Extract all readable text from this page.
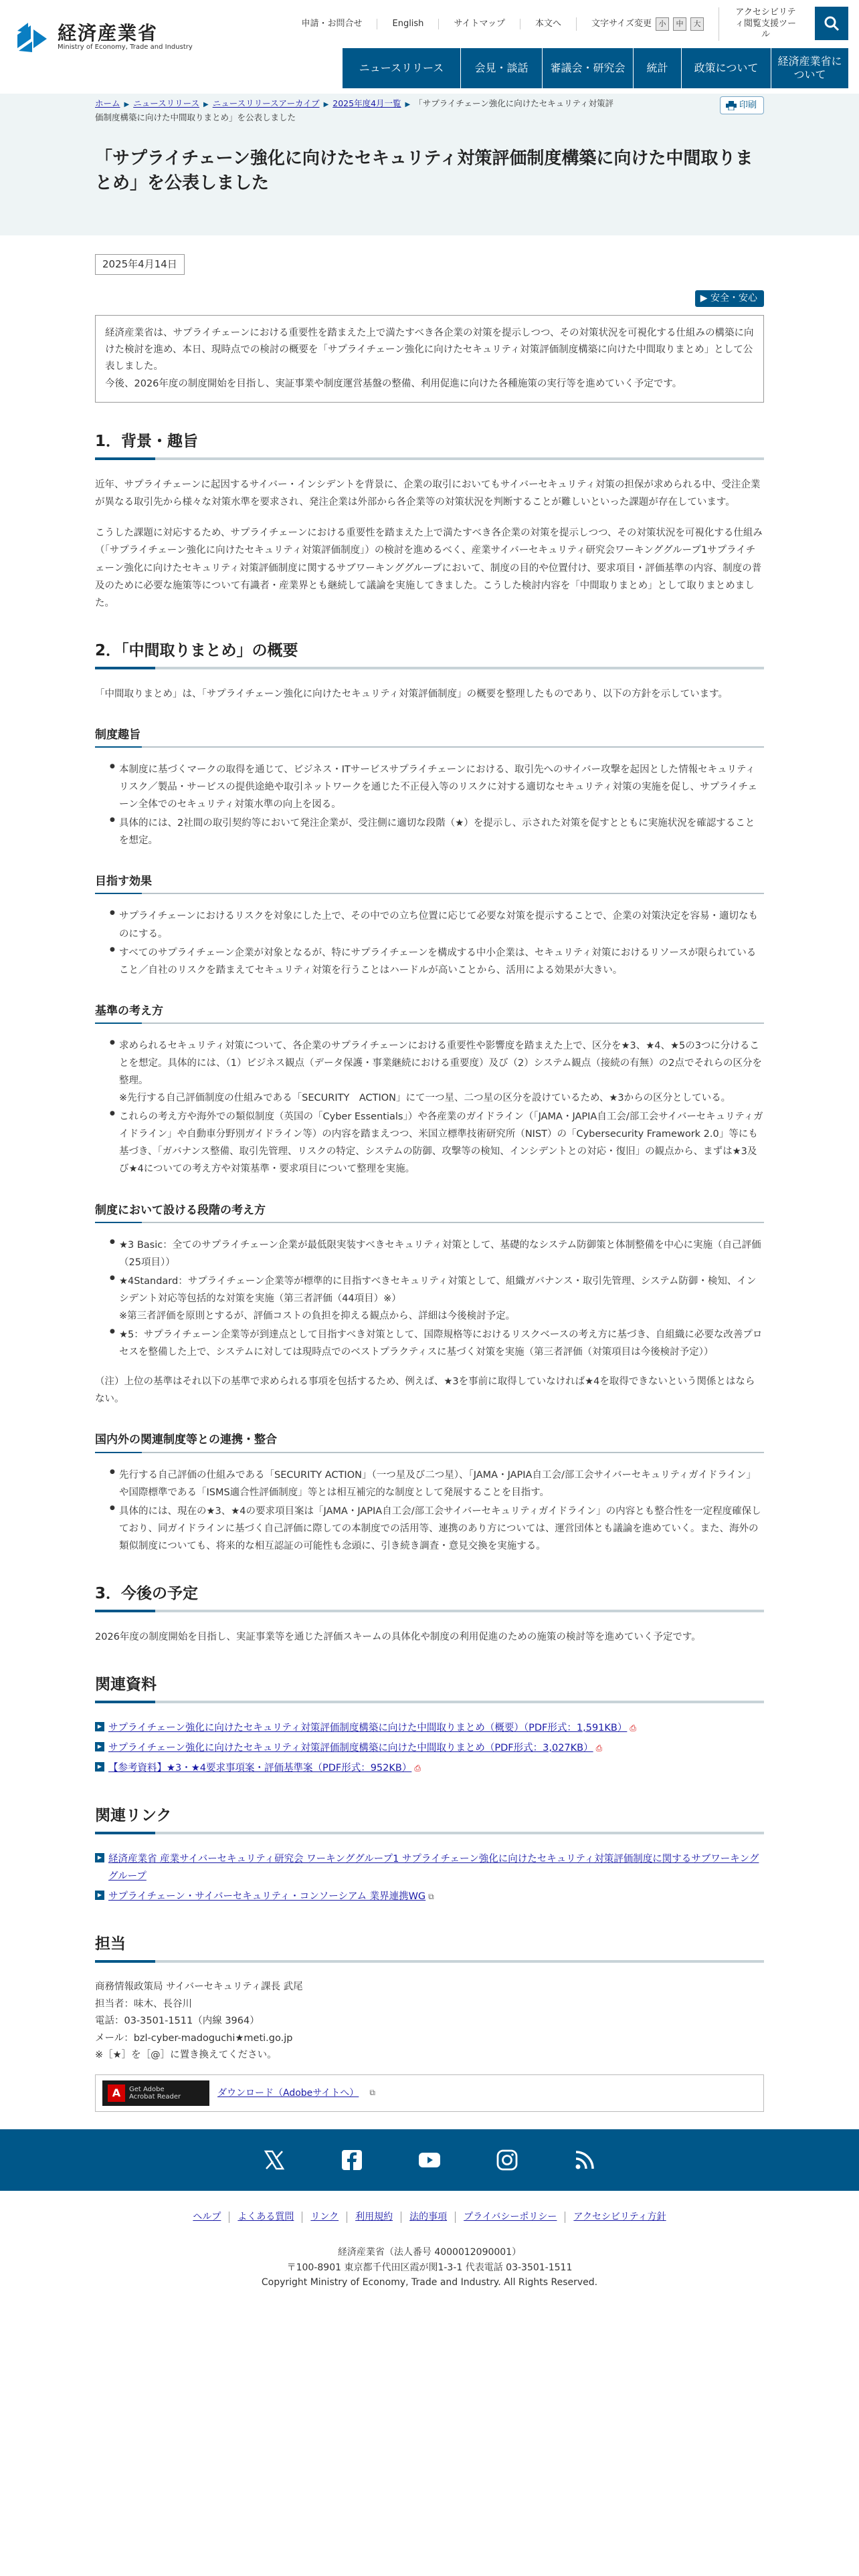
経済産業省
Ministry of Economy, Trade and Industry
申請・お問合せ	English	サイトマップ	本文へ	文字サイズ変更 小	中	大
アクセシビリティ閲覧支援ツール
ニュースリリース	会見・談話	審議会・研究会	統計	政策について
経済産業省について
ホーム ▶ ニュースリリース ▶ ニュースリリースアーカイブ ▶ 2025年度4月一覧 ▶ 「サプライチェーン強化に向けたセキュリティ対策評価制度構築に向けた中間取りまとめ」を公表しました
印刷
「サプライチェーン強化に向けたセキュリティ対策評価制度構築に向けた中間取りまとめ」を公表しました
2025年4月14日
▶ 安全・安心

経済産業省は、サプライチェーンにおける重要性を踏まえた上で満たすべき各企業の対策を提示しつつ、その対策状況を可視化する仕組みの構築に向けた検討を進め、本日、現時点での検討の概要を「サプライチェーン強化に向けたセキュリティ対策評価制度構築に向けた中間取りまとめ」として公表しました。

今後、2026年度の制度開始を目指し、実証事業や制度運営基盤の整備、利用促進に向けた各種施策の実行等を進めていく予定です。

1．背景・趣旨

近年、サプライチェーンに起因するサイバー・インシデントを背景に、企業の取引においてもサイバーセキュリティ対策の担保が求められる中、受注企業が異なる取引先から様々な対策水準を要求され、発注企業は外部から各企業等の対策状況を判断することが難しいといった課題が存在しています。

こうした課題に対応するため、サプライチェーンにおける重要性を踏まえた上で満たすべき各企業の対策を提示しつつ、その対策状況を可視化する仕組み（「サプライチェーン強化に向けたセキュリティ対策評価制度」）の検討を進めるべく、産業サイバーセキュリティ研究会ワーキンググループ1サプライチェーン強化に向けたセキュリティ対策評価制度に関するサブワーキンググループにおいて、制度の目的や位置付け、要求項目・評価基準の内容、制度の普及のために必要な施策等について有識者・産業界とも継続して議論を実施してきました。こうした検討内容を「中間取りまとめ」として取りまとめました。

2．「中間取りまとめ」の概要

「中間取りまとめ」は、「サプライチェーン強化に向けたセキュリティ対策評価制度」の概要を整理したものであり、以下の方針を示しています。

制度趣旨
● 本制度に基づくマークの取得を通じて、ビジネス・ITサービスサプライチェーンにおける、取引先へのサイバー攻撃を起因とした情報セキュリティリスク／製品・サービスの提供途絶や取引ネットワークを通じた不正侵入等のリスクに対する適切なセキュリティ対策の実施を促し、サプライチェーン全体でのセキュリティ対策水準の向上を図る。
● 具体的には、2社間の取引契約等において発注企業が、受注側に適切な段階（★）を提示し、示された対策を促すとともに実施状況を確認することを想定。
目指す効果
● サプライチェーンにおけるリスクを対象にした上で、その中での立ち位置に応じて必要な対策を提示することで、企業の対策決定を容易・適切なものにする。
● すべてのサプライチェーン企業が対象となるが、特にサプライチェーンを構成する中小企業は、セキュリティ対策におけるリソースが限られていること／自社のリスクを踏まえてセキュリティ対策を行うことはハードルが高いことから、活用による効果が大きい。
基準の考え方
● 求められるセキュリティ対策について、各企業のサプライチェーンにおける重要性や影響度を踏まえた上で、区分を★3、★4、★5の3つに分けることを想定。具体的には、（1）ビジネス観点（データ保護・事業継続における重要度）及び（2）システム観点（接続の有無）の2点でそれらの区分を整理。
※先行する自己評価制度の仕組みである「SECURITY　ACTION」にて一つ星、二つ星の区分を設けているため、★3からの区分としている。
● これらの考え方や海外での類似制度（英国の「Cyber Essentials」）や各産業のガイドライン（「JAMA・JAPIA自工会/部工会サイバーセキュリティガイドライン」や自動車分野別ガイドライン等）の内容を踏まえつつ、米国立標準技術研究所（NIST）の「Cybersecurity Framework 2.0」等にも基づき、「ガバナンス整備、取引先管理、リスクの特定、システムの防御、攻撃等の検知、インシデントとの対応・復旧」の観点から、まずは★3及び★4についての考え方や対策基準・要求項目について整理を実施。
制度において設ける段階の考え方
● ★3 Basic：全てのサプライチェーン企業が最低限実装すべきセキュリティ対策として、基礎的なシステム防御策と体制整備を中心に実施（自己評価（25項目））
● ★4Standard：サプライチェーン企業等が標準的に目指すべきセキュリティ対策として、組織ガバナンス・取引先管理、システム防御・検知、インシデント対応等包括的な対策を実施（第三者評価（44項目）※）
※第三者評価を原則とするが、評価コストの負担を抑える観点から、詳細は今後検討予定。
● ★5：サプライチェーン企業等が到達点として目指すべき対策として、国際規格等におけるリスクベースの考え方に基づき、自組織に必要な改善プロセスを整備した上で、システムに対しては現時点でのベストプラクティスに基づく対策を実施（第三者評価（対策項目は今後検討予定））

（注）上位の基準はそれ以下の基準で求められる事項を包括するため、例えば、★3を事前に取得していなければ★4を取得できないという関係とはならない。

国内外の関連制度等との連携・整合
● 先行する自己評価の仕組みである「SECURITY ACTION」（一つ星及び二つ星）、「JAMA・JAPIA自工会/部工会サイバーセキュリティガイドライン」や国際標準である「ISMS適合性評価制度」等とは相互補完的な制度として発展することを目指す。
● 具体的には、現在の★3、★4の要求項目案は「JAMA・JAPIA自工会/部工会サイバーセキュリティガイドライン」の内容とも整合性を一定程度確保しており、同ガイドラインに基づく自己評価に際しての本制度での活用等、連携のあり方については、運営団体とも議論を進めていく。また、海外の類似制度についても、将来的な相互認証の可能性も念頭に、引き続き調査・意見交換を実施する。
3．今後の予定

2026年度の制度開始を目指し、実証事業等を通じた評価スキームの具体化や制度の利用促進のための施策の検討等を進めていく予定です。

関連資料
▶ サプライチェーン強化に向けたセキュリティ対策評価制度構築に向けた中間取りまとめ（概要）（PDF形式：1,591KB） ⎙
▶ サプライチェーン強化に向けたセキュリティ対策評価制度構築に向けた中間取りまとめ（PDF形式：3,027KB） ⎙
▶ 【参考資料】★3・★4要求事項案・評価基準案（PDF形式：952KB） ⎙
関連リンク
▶ 経済産業省 産業サイバーセキュリティ研究会 ワーキンググループ1 サプライチェーン強化に向けたセキュリティ対策評価制度に関するサブワーキンググループ
▶ サプライチェーン・サイバーセキュリティ・コンソーシアム 業界連携WG ⧉
担当

商務情報政策局 サイバーセキュリティ課長 武尾

担当者：味木、長谷川

電話：03-3501-1511（内線 3964）

メール：bzl-cyber-madoguchi★meti.go.jp

※［★］を［@］に置き換えてください。

A	Get Adobe
Acrobat Reader	ダウンロード（Adobeサイトへ） ⧉
ヘルプ よくある質問 リンク 利用規約 法的事項 プライバシーポリシー アクセシビリティ方針
経済産業省（法人番号 4000012090001）
〒100-8901 東京都千代田区霞が関1-3-1 代表電話 03-3501-1511
Copyright Ministry of Economy, Trade and Industry. All Rights Reserved.
